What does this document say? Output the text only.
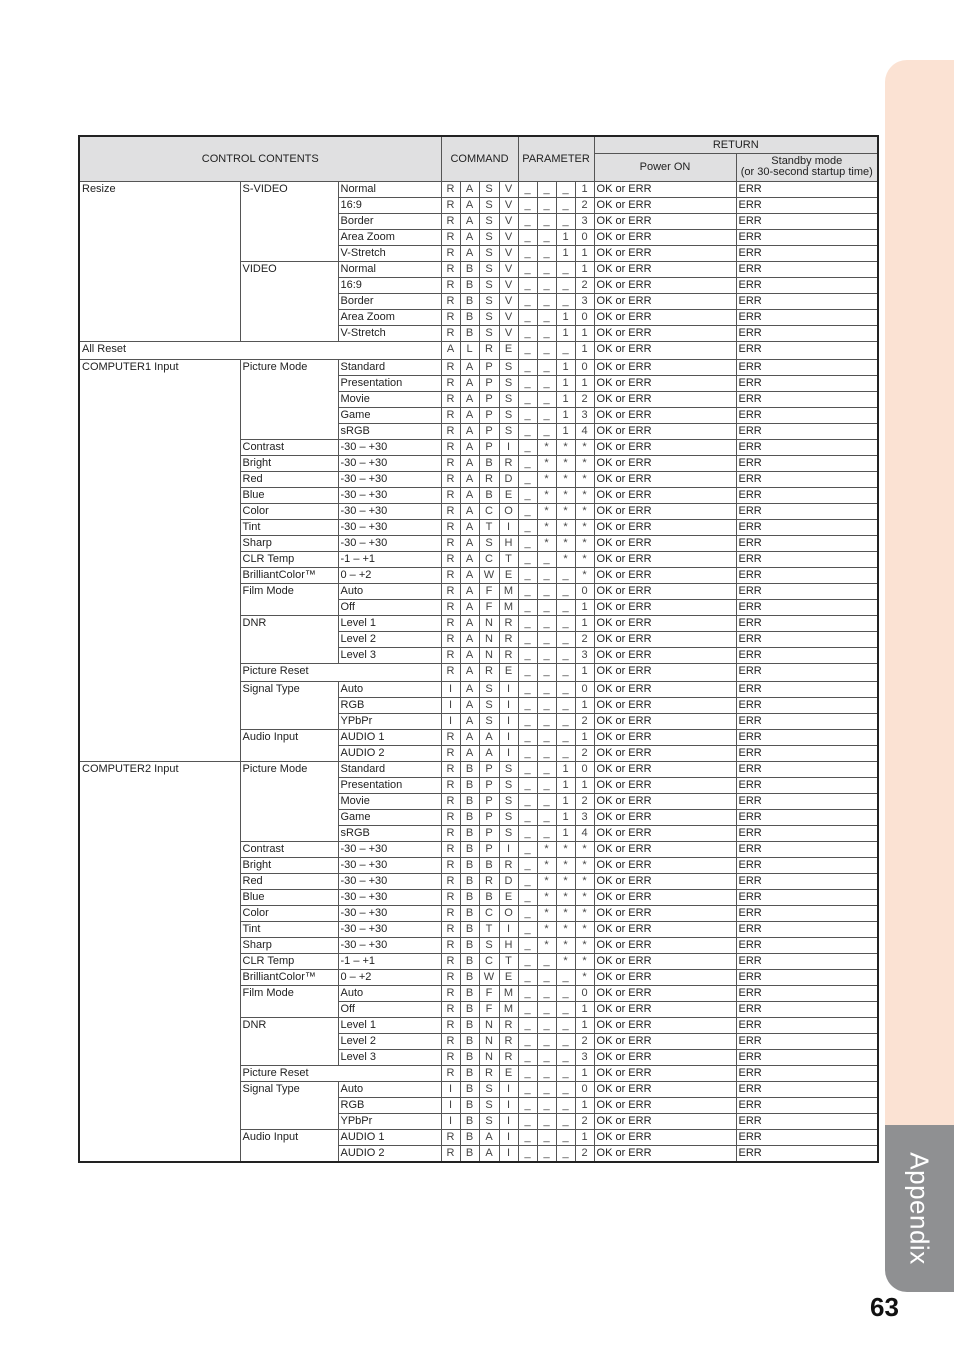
Appendix
63
CONTROL CONTENTS			COMMAND				PARAMETER				RETURN	
											Power ON	Standby mode
(or 30-second startup time)

Resize	S-VIDEO	Normal	R	A	S	V	_	_	_	1	OK or ERR	ERR
		16:9	R	A	S	V	_	_	_	2	OK or ERR	ERR
		Border	R	A	S	V	_	_	_	3	OK or ERR	ERR
		Area Zoom	R	A	S	V	_	_	1	0	OK or ERR	ERR
		V-Stretch	R	A	S	V	_	_	1	1	OK or ERR	ERR
	VIDEO	Normal	R	B	S	V	_	_	_	1	OK or ERR	ERR
		16:9	R	B	S	V	_	_	_	2	OK or ERR	ERR
		Border	R	B	S	V	_	_	_	3	OK or ERR	ERR
		Area Zoom	R	B	S	V	_	_	1	0	OK or ERR	ERR
		V-Stretch	R	B	S	V	_	_	1	1	OK or ERR	ERR
All Reset			A	L	R	E	_	_	_	1	OK or ERR	ERR
COMPUTER1 Input	Picture Mode	Standard	R	A	P	S	_	_	1	0	OK or ERR	ERR
		Presentation	R	A	P	S	_	_	1	1	OK or ERR	ERR
		Movie	R	A	P	S	_	_	1	2	OK or ERR	ERR
		Game	R	A	P	S	_	_	1	3	OK or ERR	ERR
		sRGB	R	A	P	S	_	_	1	4	OK or ERR	ERR
	Contrast	-30 – +30	R	A	P	I	_	*	*	*	OK or ERR	ERR
	Bright	-30 – +30	R	A	B	R	_	*	*	*	OK or ERR	ERR
	Red	-30 – +30	R	A	R	D	_	*	*	*	OK or ERR	ERR
	Blue	-30 – +30	R	A	B	E	_	*	*	*	OK or ERR	ERR
	Color	-30 – +30	R	A	C	O	_	*	*	*	OK or ERR	ERR
	Tint	-30 – +30	R	A	T	I	_	*	*	*	OK or ERR	ERR
	Sharp	-30 – +30	R	A	S	H	_	*	*	*	OK or ERR	ERR
	CLR Temp	-1 – +1	R	A	C	T	_	_	*	*	OK or ERR	ERR
	BrilliantColor™	0 – +2	R	A	W	E	_	_	_	*	OK or ERR	ERR
	Film Mode	Auto	R	A	F	M	_	_	_	0	OK or ERR	ERR
		Off	R	A	F	M	_	_	_	1	OK or ERR	ERR
	DNR	Level 1	R	A	N	R	_	_	_	1	OK or ERR	ERR
		Level 2	R	A	N	R	_	_	_	2	OK or ERR	ERR
		Level 3	R	A	N	R	_	_	_	3	OK or ERR	ERR
	Picture Reset		R	A	R	E	_	_	_	1	OK or ERR	ERR
	Signal Type	Auto	I	A	S	I	_	_	_	0	OK or ERR	ERR
		RGB	I	A	S	I	_	_	_	1	OK or ERR	ERR
		YPbPr	I	A	S	I	_	_	_	2	OK or ERR	ERR
	Audio Input	AUDIO 1	R	A	A	I	_	_	_	1	OK or ERR	ERR
		AUDIO 2	R	A	A	I	_	_	_	2	OK or ERR	ERR
COMPUTER2 Input	Picture Mode	Standard	R	B	P	S	_	_	1	0	OK or ERR	ERR
		Presentation	R	B	P	S	_	_	1	1	OK or ERR	ERR
		Movie	R	B	P	S	_	_	1	2	OK or ERR	ERR
		Game	R	B	P	S	_	_	1	3	OK or ERR	ERR
		sRGB	R	B	P	S	_	_	1	4	OK or ERR	ERR
	Contrast	-30 – +30	R	B	P	I	_	*	*	*	OK or ERR	ERR
	Bright	-30 – +30	R	B	B	R	_	*	*	*	OK or ERR	ERR
	Red	-30 – +30	R	B	R	D	_	*	*	*	OK or ERR	ERR
	Blue	-30 – +30	R	B	B	E	_	*	*	*	OK or ERR	ERR
	Color	-30 – +30	R	B	C	O	_	*	*	*	OK or ERR	ERR
	Tint	-30 – +30	R	B	T	I	_	*	*	*	OK or ERR	ERR
	Sharp	-30 – +30	R	B	S	H	_	*	*	*	OK or ERR	ERR
	CLR Temp	-1 – +1	R	B	C	T	_	_	*	*	OK or ERR	ERR
	BrilliantColor™	0 – +2	R	B	W	E	_	_	_	*	OK or ERR	ERR
	Film Mode	Auto	R	B	F	M	_	_	_	0	OK or ERR	ERR
		Off	R	B	F	M	_	_	_	1	OK or ERR	ERR
	DNR	Level 1	R	B	N	R	_	_	_	1	OK or ERR	ERR
		Level 2	R	B	N	R	_	_	_	2	OK or ERR	ERR
		Level 3	R	B	N	R	_	_	_	3	OK or ERR	ERR
	Picture Reset		R	B	R	E	_	_	_	1	OK or ERR	ERR
	Signal Type	Auto	I	B	S	I	_	_	_	0	OK or ERR	ERR
		RGB	I	B	S	I	_	_	_	1	OK or ERR	ERR
		YPbPr	I	B	S	I	_	_	_	2	OK or ERR	ERR
	Audio Input	AUDIO 1	R	B	A	I	_	_	_	1	OK or ERR	ERR
		AUDIO 2	R	B	A	I	_	_	_	2	OK or ERR	ERR
